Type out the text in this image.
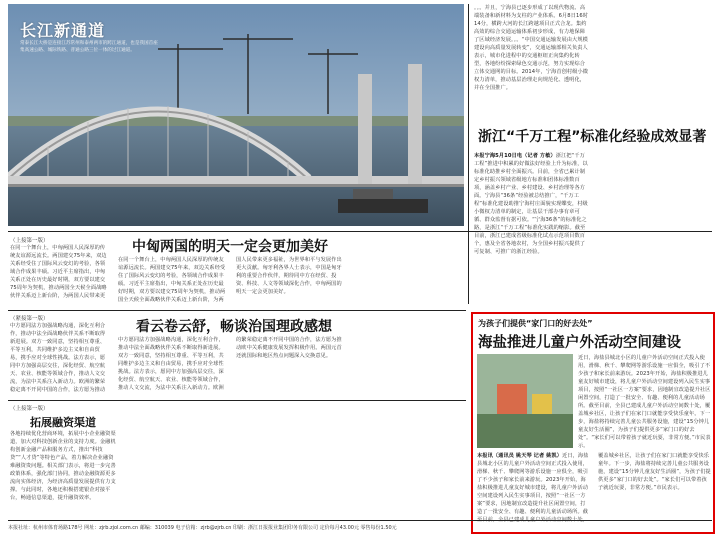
长江新通道
常泰长江大桥是连接江苏常州和泰州两市的跨江通道，也是我国首座集高速公路、城际铁路、普通公路三位一体的过江通道。
。。。并且，宁海县已逐步形成了以现代物流、高端装备和新材料为支柱的产业体系。6月8日16时14分，横跨大河的长江跨越项目正式合龙。集约高效的综合交通运输体系初步形成，有力地保障了区域经济发展。。。“中国交通运输发展由大规模建设向高质量发展转变”，交通运输部相关负责人表示，城市化进程中的交通枢纽正向集约化转型，各地纷纷探索绿色交通示范，努力实现综合立体交通网的目标。2014年，宁海首创村级小微权力清单，推动基层治理走向规范化、透明化，并在全国推广。
浙江“千万工程”标准化经验成效显著
本报宁海5月10日电（记者 方敏）浙江把“千万工程”推进中积累的好做法好经验上升为标准，以标准化助推乡村全面振兴。目前，全省已累计制定乡村振兴领域省级地方标准和团体标准数百项，涵盖乡村产业、乡村建设、乡村治理等各方面。宁海县“36条”经验被总结推广，“千万工程”标准化建设助推宁海村庄面貌实现蝶变，村级小微权力清单的制定，让基层干部办事有章可循、群众监督有据可依。“宁海36条”的标准化之路，是浙江“千万工程”标准化实践的缩影。截至目前，浙江已建成省级标准化试点示范项目数百个，惠及全省各地农村，为全国乡村振兴提供了可复制、可推广的浙江经验。
（上接第一版）
在同一个舞台上，中匈两国人民深厚的传统友谊源远流长。两国建交75年来，双边关系经受住了国际风云变幻的考验，各领域合作成果丰硕。习近平主席指出，中匈关系正处在历史最好时期，双方要以建交75周年为契机，推动两国全天候全面战略伙伴关系迈上新台阶，为两国人民带来更
中匈两国的明天一定会更加美好
在同一个舞台上，中匈两国人民深厚的传统友谊源远流长。两国建交75年来，双边关系经受住了国际风云变幻的考验，各领域合作成果丰硕。习近平主席指出，中匈关系正处在历史最好时期，双方要以建交75周年为契机，推动两国全天候全面战略伙伴关系迈上新台阶，为两国人民带来更多福祉，为世界和平与发展作出更大贡献。匈牙利各界人士表示，中国是匈牙利的重要合作伙伴，期待同中方在经贸、投资、科技、人文等领域深化合作，中匈两国的明天一定会更加美好。
（紧接第一版）
中方愿同法方加强战略沟通，深化互利合作，推动中法全面战略伙伴关系不断取得新进展。双方一致同意，坚持相互尊重、平等互利，共同维护多边主义和自由贸易，携手应对全球性挑战。法方表示，愿同中方加强高层交往，深化经贸、航空航天、农业、核能等领域合作，推动人文交流，为法中关系注入新动力。欧洲的繁荣稳定离不开同中国的合作，法方愿为推动
看云卷云舒，畅谈治国理政感想
中方愿同法方加强战略沟通，深化互利合作，推动中法全面战略伙伴关系不断取得新进展。双方一致同意，坚持相互尊重、平等互利，共同维护多边主义和自由贸易，携手应对全球性挑战。法方表示，愿同中方加强高层交往，深化经贸、航空航天、农业、核能等领域合作，推动人文交流，为法中关系注入新动力。欧洲的繁荣稳定离不开同中国的合作，法方愿为推动欧中关系健康发展发挥积极作用。两国元首还就国际和地区热点问题深入交换意见。
（上接第一版）
拓展融资渠道
各地持续优化营商环境，拓展中小企业融资渠道，加大对科技创新企业的支持力度。金融机构创新金融产品和服务方式，推出“科技贷”“人才贷”等特色产品，着力解决企业融资难融资贵问题。相关部门表示，将进一步完善政策体系，强化部门协同，推动金融资源更多流向实体经济，为经济高质量发展提供有力支撑。与此同时，各地还积极搭建银企对接平台，畅通信息渠道，提升融资效率。
为孩子们提供“家门口的好去处”
海盐推进儿童户外活动空间建设
本报讯（通讯员 姚天琴 记者 姚凯）近日，海盐县城北小区的儿童户外活动空间正式投入使用，滑梯、秋千、攀爬网等游乐设施一应俱全，吸引了不少孩子和家长前来游玩。2023年开始，海盐积极推进儿童友好城市建设，将儿童户外活动空间建设列入民生实事项目，按照“一社区一方案”要求，因地制宜改造提升社区闲置空间，打造了一批安全、有趣、便利的儿童活动场所。截至目前，全县已建成儿童户外活动空间数十处，覆盖城乡社区，让孩子们在家门口就能享受快乐童年。下一步，海盐将持续完善儿童公共服务设施，建设“15分钟儿童友好生活圈”，为孩子们提供更多“家门口的好去处”。“家长们可以带着孩子就近玩耍，非常方便。”市民表示。
近日，海盐县城北小区的儿童户外活动空间正式投入使用，滑梯、秋千、攀爬网等游乐设施一应俱全，吸引了不少孩子和家长前来游玩。2023年开始，海盐积极推进儿童友好城市建设，将儿童户外活动空间建设列入民生实事项目，按照“一社区一方案”要求，因地制宜改造提升社区闲置空间，打造了一批安全、有趣、便利的儿童活动场所。截至目前，全县已建成儿童户外活动空间数十处，覆盖城乡社区，让孩子们在家门口就能享受快乐童年。下一步，海盐将持续完善儿童公共服务设施，建设“15分钟儿童友好生活圈”，为孩子们提供更多“家门口的好去处”。“家长们可以带着孩子就近玩耍，非常方便。”市民表示。
本报社址：杭州市体育场路178号 网址：zjrb.zjol.com.cn 邮编：310039 电子信箱：zjrb@zjrb.cn 印刷：浙江日报报业集团印务有限公司 定价每月43.00元 零售每份1.50元
